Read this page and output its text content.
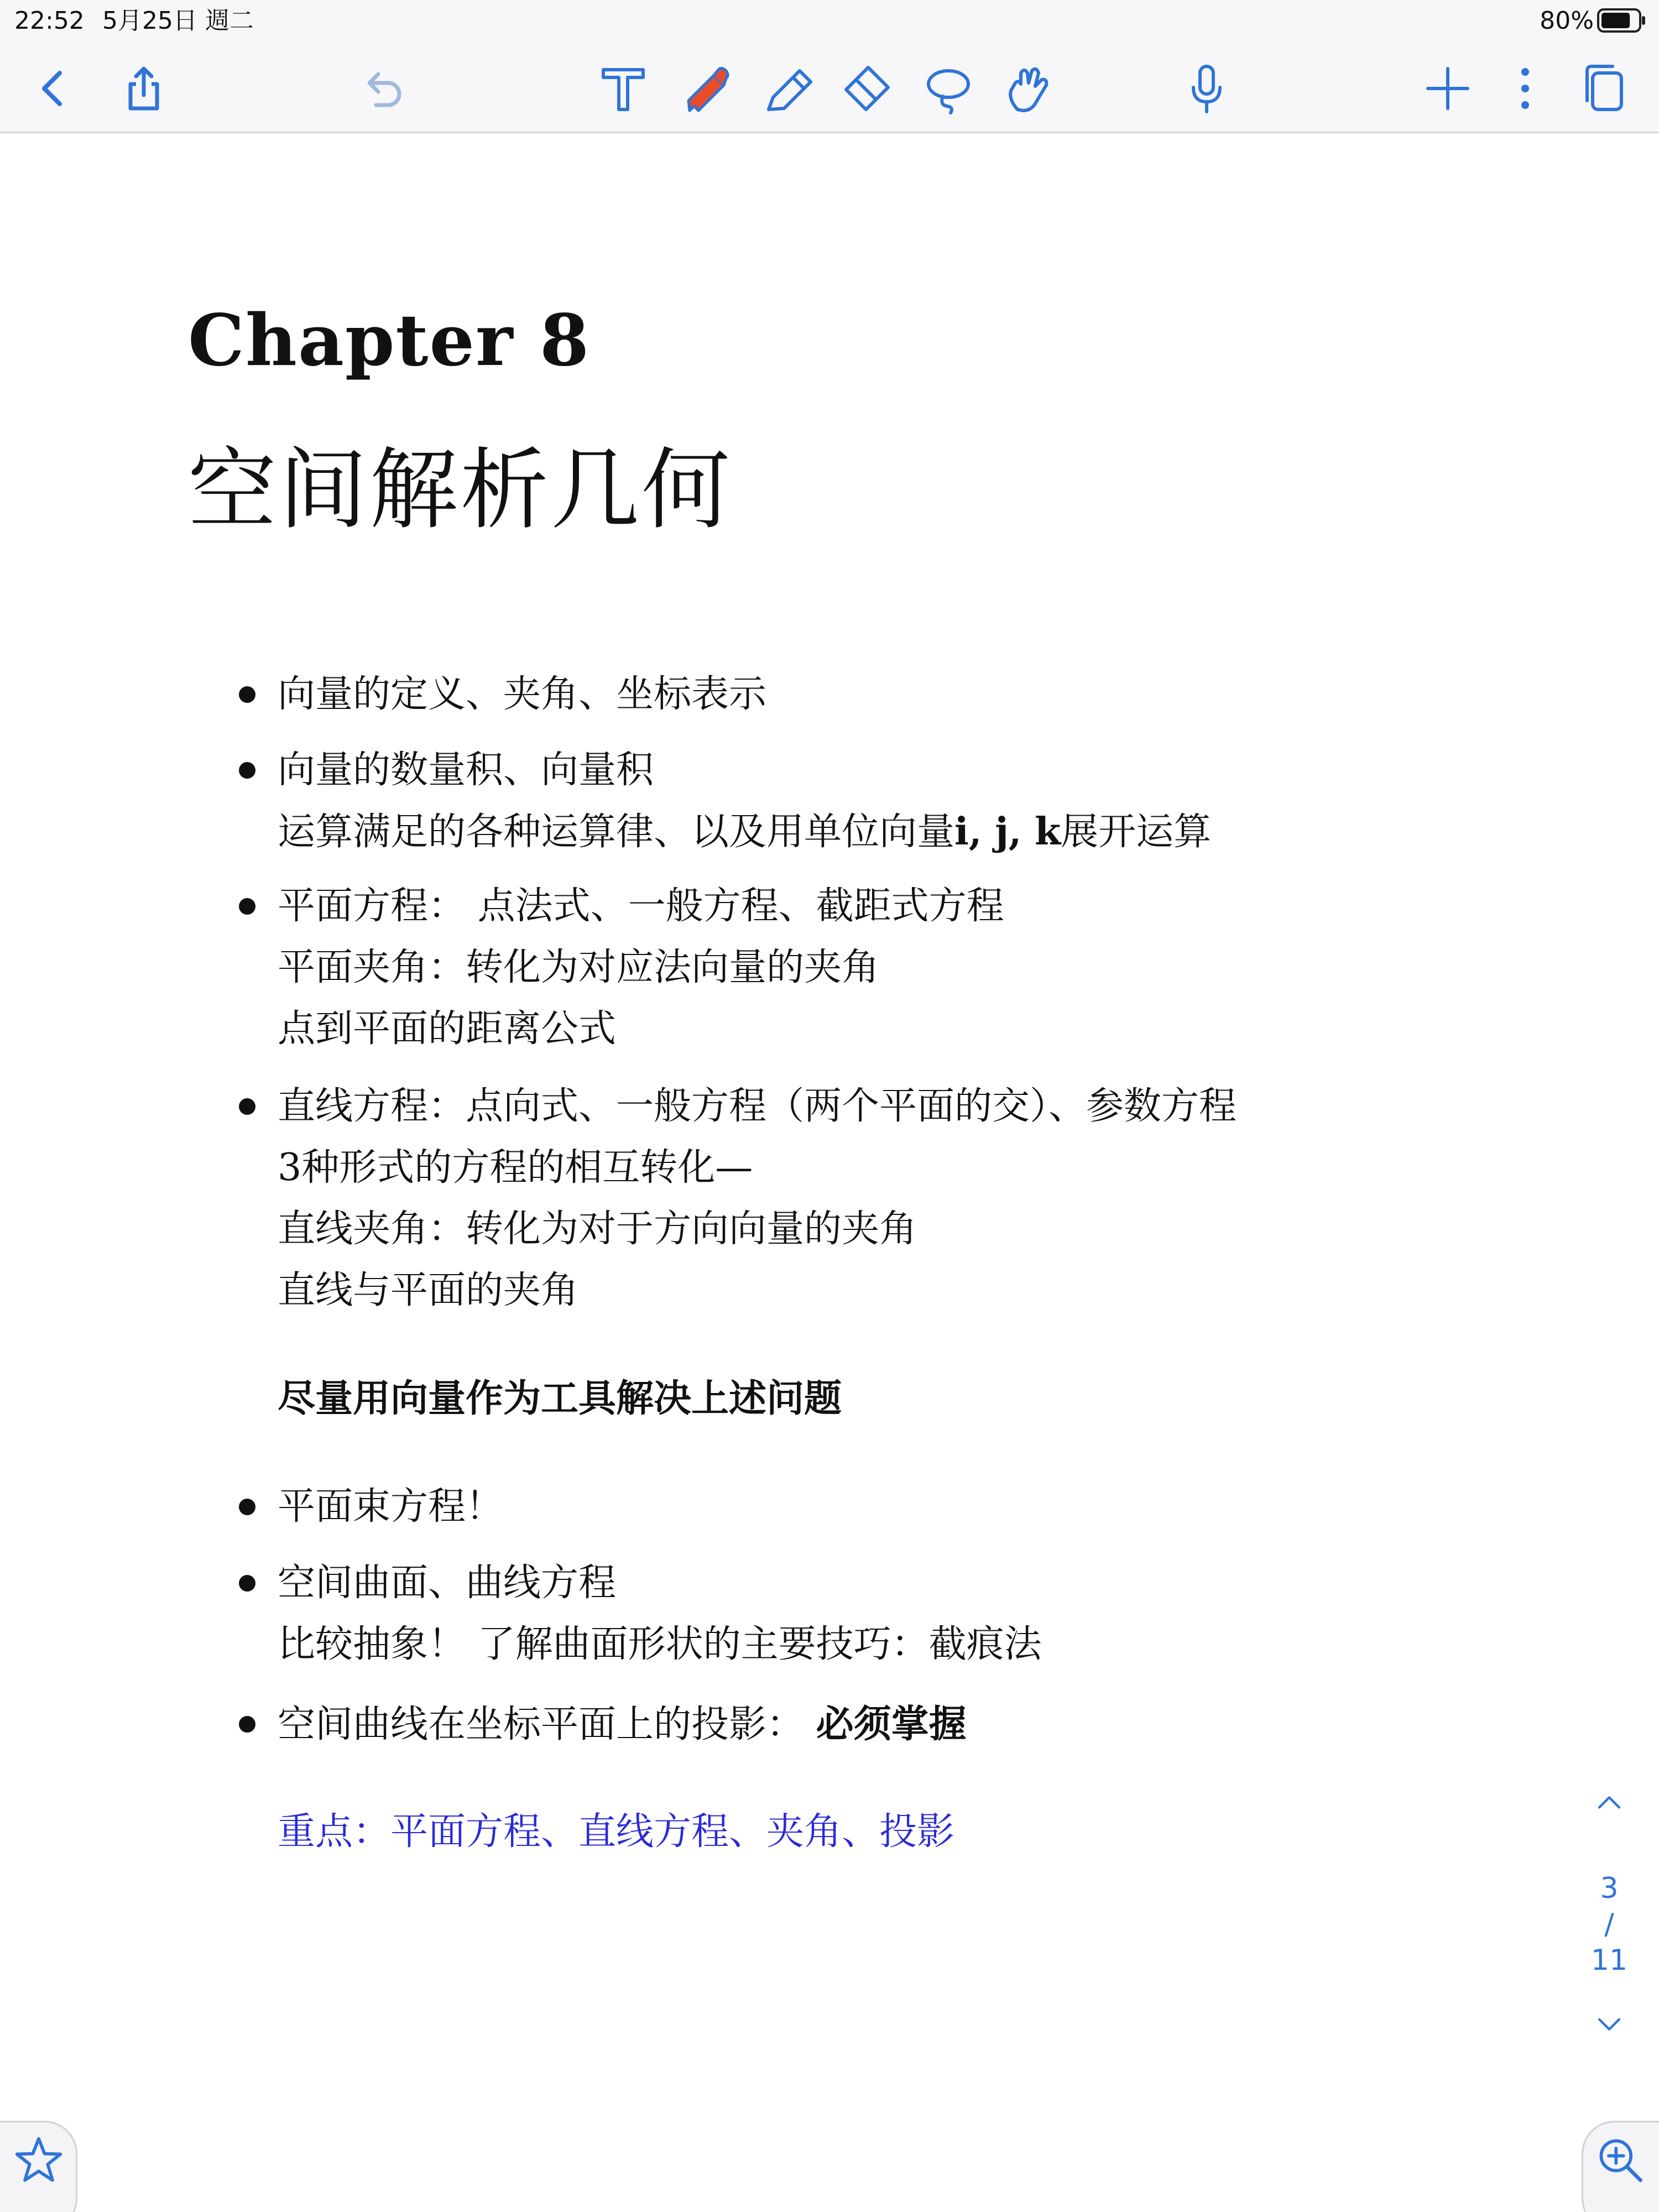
22:52 5月25日 週二	80%
Chapter 8
空间解析几何
向量的定义、夹角、坐标表示
向量的数量积、向量积
运算满足的各种运算律、以及用单位向量i, j, k展开运算
平面方程： 点法式、一般方程、截距式方程
平面夹角：转化为对应法向量的夹角
点到平面的距离公式
直线方程：点向式、一般方程（两个平面的交）、参数方程
3种形式的方程的相互转化—
直线夹角：转化为对于方向向量的夹角
直线与平面的夹角
尽量用向量作为工具解决上述问题
平面束方程！
空间曲面、曲线方程
比较抽象！ 了解曲面形状的主要技巧：截痕法
空间曲线在坐标平面上的投影： 必须掌握
重点：平面方程、直线方程、夹角、投影
3
/
11
